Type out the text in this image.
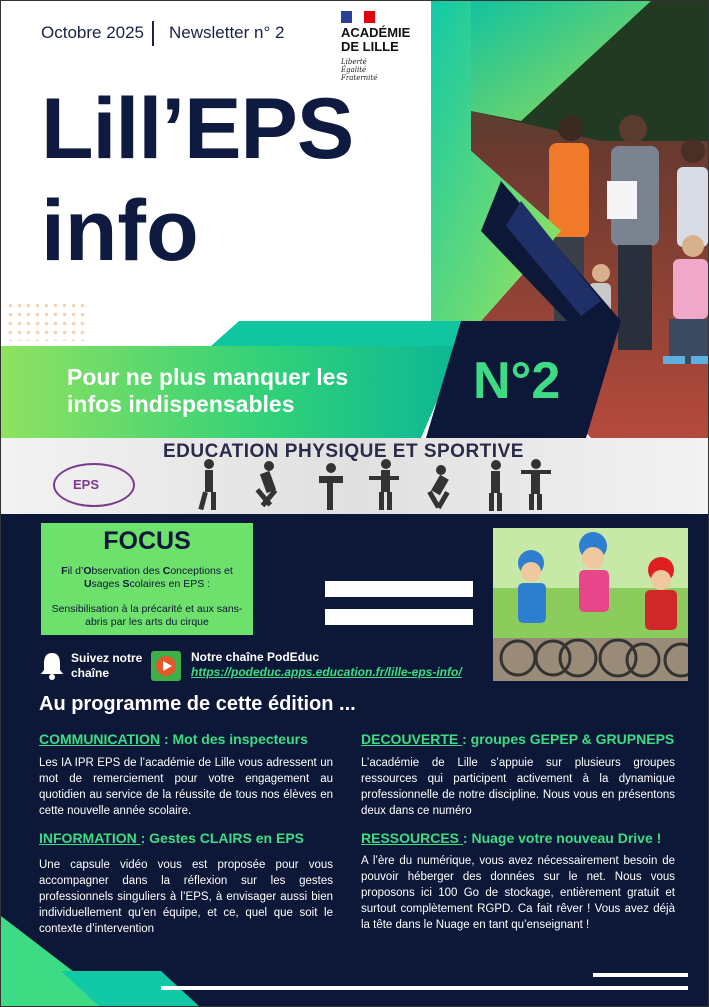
Octobre 2025 Newsletter n° 2	ACADÉMIE
DE LILLE
Liberté
Égalité
Fraternité
Lill’EPS
info
Pour ne plus manquer les
infos indispensables	N°2
EDUCATION PHYSIQUE ET SPORTIVE
EPS
FOCUS
Fil d’Observation des Conceptions et Usages Scolaires en EPS :
Sensibilisation à la précarité et aux sans-abris par les arts du cirque
Suivez notre
chaîne
Notre chaîne PodEduc
https://podeduc.apps.education.fr/lille-eps-info/
Au programme de cette édition ...
COMMUNICATION : Mot des inspecteurs
Les IA IPR EPS de l’académie de Lille vous adressent un mot de remerciement pour votre engagement au quotidien au service de la réussite de tous nos élèves en cette nouvelle année scolaire.
DECOUVERTE : groupes GEPEP & GRUPNEPS
L’académie de Lille s’appuie sur plusieurs groupes ressources qui participent activement à la dynamique professionnelle de notre discipline. Nous vous en présentons deux dans ce numéro
INFORMATION : Gestes CLAIRS en EPS
Une capsule vidéo vous est proposée pour vous accompagner dans la réflexion sur les gestes professionnels singuliers à l’EPS, à envisager aussi bien individuellement qu’en équipe, et ce, quel que soit le contexte d’intervention
RESSOURCES : Nuage votre nouveau Drive !
A l’ère du numérique, vous avez nécessairement besoin de pouvoir héberger des données sur le net. Nous vous proposons ici 100 Go de stockage, entièrement gratuit et surtout complètement RGPD. Ca fait rêver ! Vous avez déjà la tête dans le Nuage en tant qu’enseignant !
